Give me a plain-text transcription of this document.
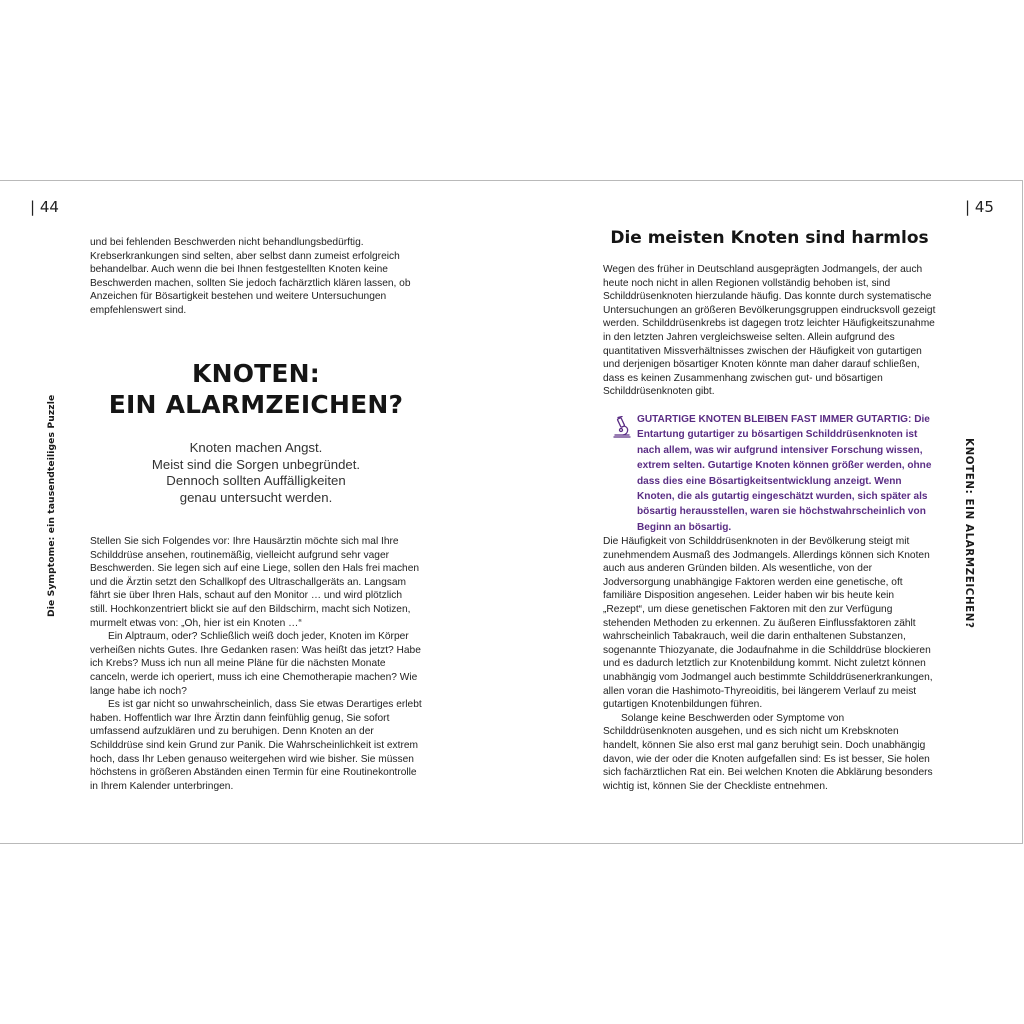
| 44
Die Symptome: ein tausendteiliges Puzzle

und bei fehlenden Beschwerden nicht behandlungsbedürftig. Krebserkrankungen sind selten, aber selbst dann zumeist erfolgreich behandelbar. Auch wenn die bei Ihnen festgestellten Knoten keine Beschwerden machen, sollten Sie jedoch fachärztlich klären lassen, ob Anzeichen für Bösartigkeit bestehen und weitere Untersuchungen empfehlenswert sind.

KNOTEN:
EIN ALARMZEICHEN?

Knoten machen Angst.
Meist sind die Sorgen unbegründet.
Dennoch sollten Auffälligkeiten
genau untersucht werden.

Stellen Sie sich Folgendes vor: Ihre Hausärztin möchte sich mal Ihre Schilddrüse ansehen, routinemäßig, vielleicht aufgrund sehr vager Beschwerden. Sie legen sich auf eine Liege, sollen den Hals frei machen und die Ärztin setzt den Schallkopf des Ultraschallgeräts an. Langsam fährt sie über Ihren Hals, schaut auf den Monitor … und wird plötzlich still. Hochkonzentriert blickt sie auf den Bildschirm, macht sich Notizen, murmelt etwas von: „Oh, hier ist ein Knoten …“

Ein Alptraum, oder? Schließlich weiß doch jeder, Knoten im Körper verheißen nichts Gutes. Ihre Gedanken rasen: Was heißt das jetzt? Habe ich Krebs? Muss ich nun all meine Pläne für die nächsten Monate canceln, werde ich operiert, muss ich eine Chemotherapie machen? Wie lange habe ich noch?

Es ist gar nicht so unwahrscheinlich, dass Sie etwas Derartiges erlebt haben. Hoffentlich war Ihre Ärztin dann feinfühlig genug, Sie sofort umfassend aufzuklären und zu beruhigen. Denn Knoten an der Schilddrüse sind kein Grund zur Panik. Die Wahrscheinlichkeit ist extrem hoch, dass Ihr Leben genauso weitergehen wird wie bisher. Sie müssen höchstens in größeren Abständen einen Termin für eine Routinekontrolle in Ihrem Kalender unterbringen.

| 45
KNOTEN: EIN ALARMZEICHEN?
Die meisten Knoten sind harmlos

Wegen des früher in Deutschland ausgeprägten Jodmangels, der auch heute noch nicht in allen Regionen vollständig behoben ist, sind Schilddrüsenknoten hierzulande häufig. Das konnte durch systematische Untersuchungen an größeren Bevölkerungsgruppen eindrucksvoll gezeigt werden. Schilddrüsenkrebs ist dagegen trotz leichter Häufigkeitszunahme in den letzten Jahren vergleichsweise selten. Allein aufgrund des quantitativen Missverhältnisses zwischen der Häufigkeit von gutartigen und derjenigen bösartiger Knoten könnte man daher darauf schließen, dass es keinen Zusammenhang zwischen gut- und bösartigen Schilddrüsenknoten gibt.

GUTARTIGE KNOTEN BLEIBEN FAST IMMER GUTARTIG: Die Entartung gutartiger zu bösartigen Schilddrüsenknoten ist nach allem, was wir aufgrund intensiver Forschung wissen, extrem selten. Gutartige Knoten können größer werden, ohne dass dies eine Bösartigkeitsentwicklung anzeigt. Wenn Knoten, die als gutartig eingeschätzt wurden, sich später als bösartig herausstellen, waren sie höchstwahrscheinlich von Beginn an bösartig.

Die Häufigkeit von Schilddrüsenknoten in der Bevölkerung steigt mit zunehmendem Ausmaß des Jodmangels. Allerdings können sich Knoten auch aus anderen Gründen bilden. Als wesentliche, von der Jodversorgung unabhängige Faktoren werden eine genetische, oft familiäre Disposition angesehen. Leider haben wir bis heute kein „Rezept“, um diese genetischen Faktoren mit den zur Verfügung stehenden Methoden zu erkennen. Zu äußeren Einflussfaktoren zählt wahrscheinlich Tabakrauch, weil die darin enthaltenen Substanzen, sogenannte Thiozyanate, die Jodaufnahme in die Schilddrüse blockieren und es dadurch letztlich zur Knotenbildung kommt. Nicht zuletzt können unabhängig vom Jodmangel auch bestimmte Schilddrüsenerkrankungen, allen voran die Hashimoto-Thyreoiditis, bei längerem Verlauf zu meist gutartigen Knotenbildungen führen.

Solange keine Beschwerden oder Symptome von Schilddrüsenknoten ausgehen, und es sich nicht um Krebsknoten handelt, können Sie also erst mal ganz beruhigt sein. Doch unabhängig davon, wie der oder die Knoten aufgefallen sind: Es ist besser, Sie holen sich fachärztlichen Rat ein. Bei welchen Knoten die Abklärung besonders wichtig ist, können Sie der Checkliste entnehmen.
